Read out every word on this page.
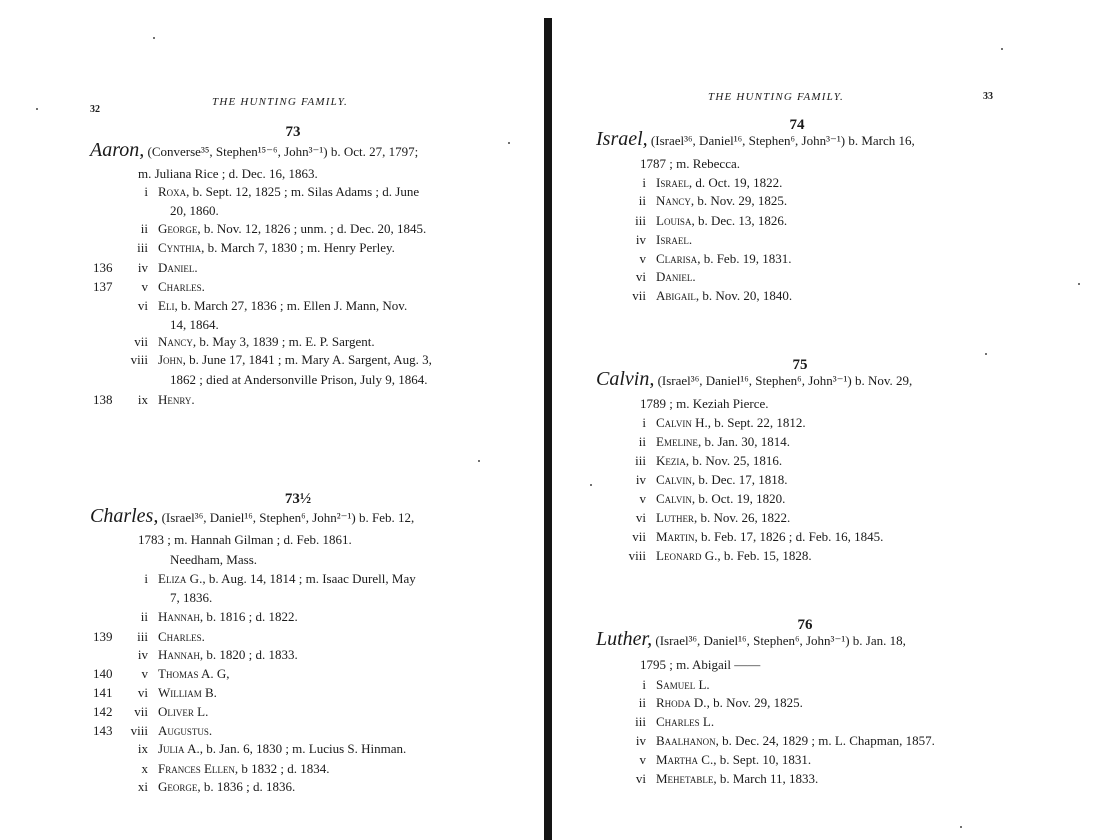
32
THE HUNTING FAMILY.
73
Aaron, (Converse³⁵, Stephen¹⁵⁻⁶, John³⁻¹) b. Oct. 27, 1797;
m. Juliana Rice ; d. Dec. 16, 1863.
i Roxa, b. Sept. 12, 1825 ; m. Silas Adams ; d. June
20, 1860.
ii George, b. Nov. 12, 1826 ; unm. ; d. Dec. 20, 1845.
iii Cynthia, b. March 7, 1830 ; m. Henry Perley.
136	iv Daniel.
137	v Charles.
vi Eli, b. March 27, 1836 ; m. Ellen J. Mann, Nov.
14, 1864.
vii Nancy, b. May 3, 1839 ; m. E. P. Sargent.
viii John, b. June 17, 1841 ; m. Mary A. Sargent, Aug. 3,
1862 ; died at Andersonville Prison, July 9, 1864.
138	ix Henry.
73½
Charles, (Israel³⁶, Daniel¹⁶, Stephen⁶, John²⁻¹) b. Feb. 12,
1783 ; m. Hannah Gilman ; d. Feb. 1861.
Needham, Mass.
i Eliza G., b. Aug. 14, 1814 ; m. Isaac Durell, May
7, 1836.
ii Hannah, b. 1816 ; d. 1822.
139	iii Charles.
iv Hannah, b. 1820 ; d. 1833.
140	v Thomas A. G,
141	vi William B.
142	vii Oliver L.
143	viii Augustus.
ix Julia A., b. Jan. 6, 1830 ; m. Lucius S. Hinman.
x Frances Ellen, b 1832 ; d. 1834.
xi George, b. 1836 ; d. 1836.
THE HUNTING FAMILY.	33
74
Israel, (Israel³⁶, Daniel¹⁶, Stephen⁶, John³⁻¹) b. March 16,
1787 ; m. Rebecca.
i Israel, d. Oct. 19, 1822.
ii Nancy, b. Nov. 29, 1825.
iii Louisa, b. Dec. 13, 1826.
iv Israel.
v Clarisa, b. Feb. 19, 1831.
vi Daniel.
vii Abigail, b. Nov. 20, 1840.
75
Calvin, (Israel³⁶, Daniel¹⁶, Stephen⁶, John³⁻¹) b. Nov. 29,
1789 ; m. Keziah Pierce.
i Calvin H., b. Sept. 22, 1812.
ii Emeline, b. Jan. 30, 1814.
iii Kezia, b. Nov. 25, 1816.
iv Calvin, b. Dec. 17, 1818.
v Calvin, b. Oct. 19, 1820.
vi Luther, b. Nov. 26, 1822.
vii Martin, b. Feb. 17, 1826 ; d. Feb. 16, 1845.
viii Leonard G., b. Feb. 15, 1828.
76
Luther, (Israel³⁶, Daniel¹⁶, Stephen⁶, John³⁻¹) b. Jan. 18,
1795 ; m. Abigail ——
i Samuel L.
ii Rhoda D., b. Nov. 29, 1825.
iii Charles L.
iv Baalhanon, b. Dec. 24, 1829 ; m. L. Chapman, 1857.
v Martha C., b. Sept. 10, 1831.
vi Mehetable, b. March 11, 1833.
